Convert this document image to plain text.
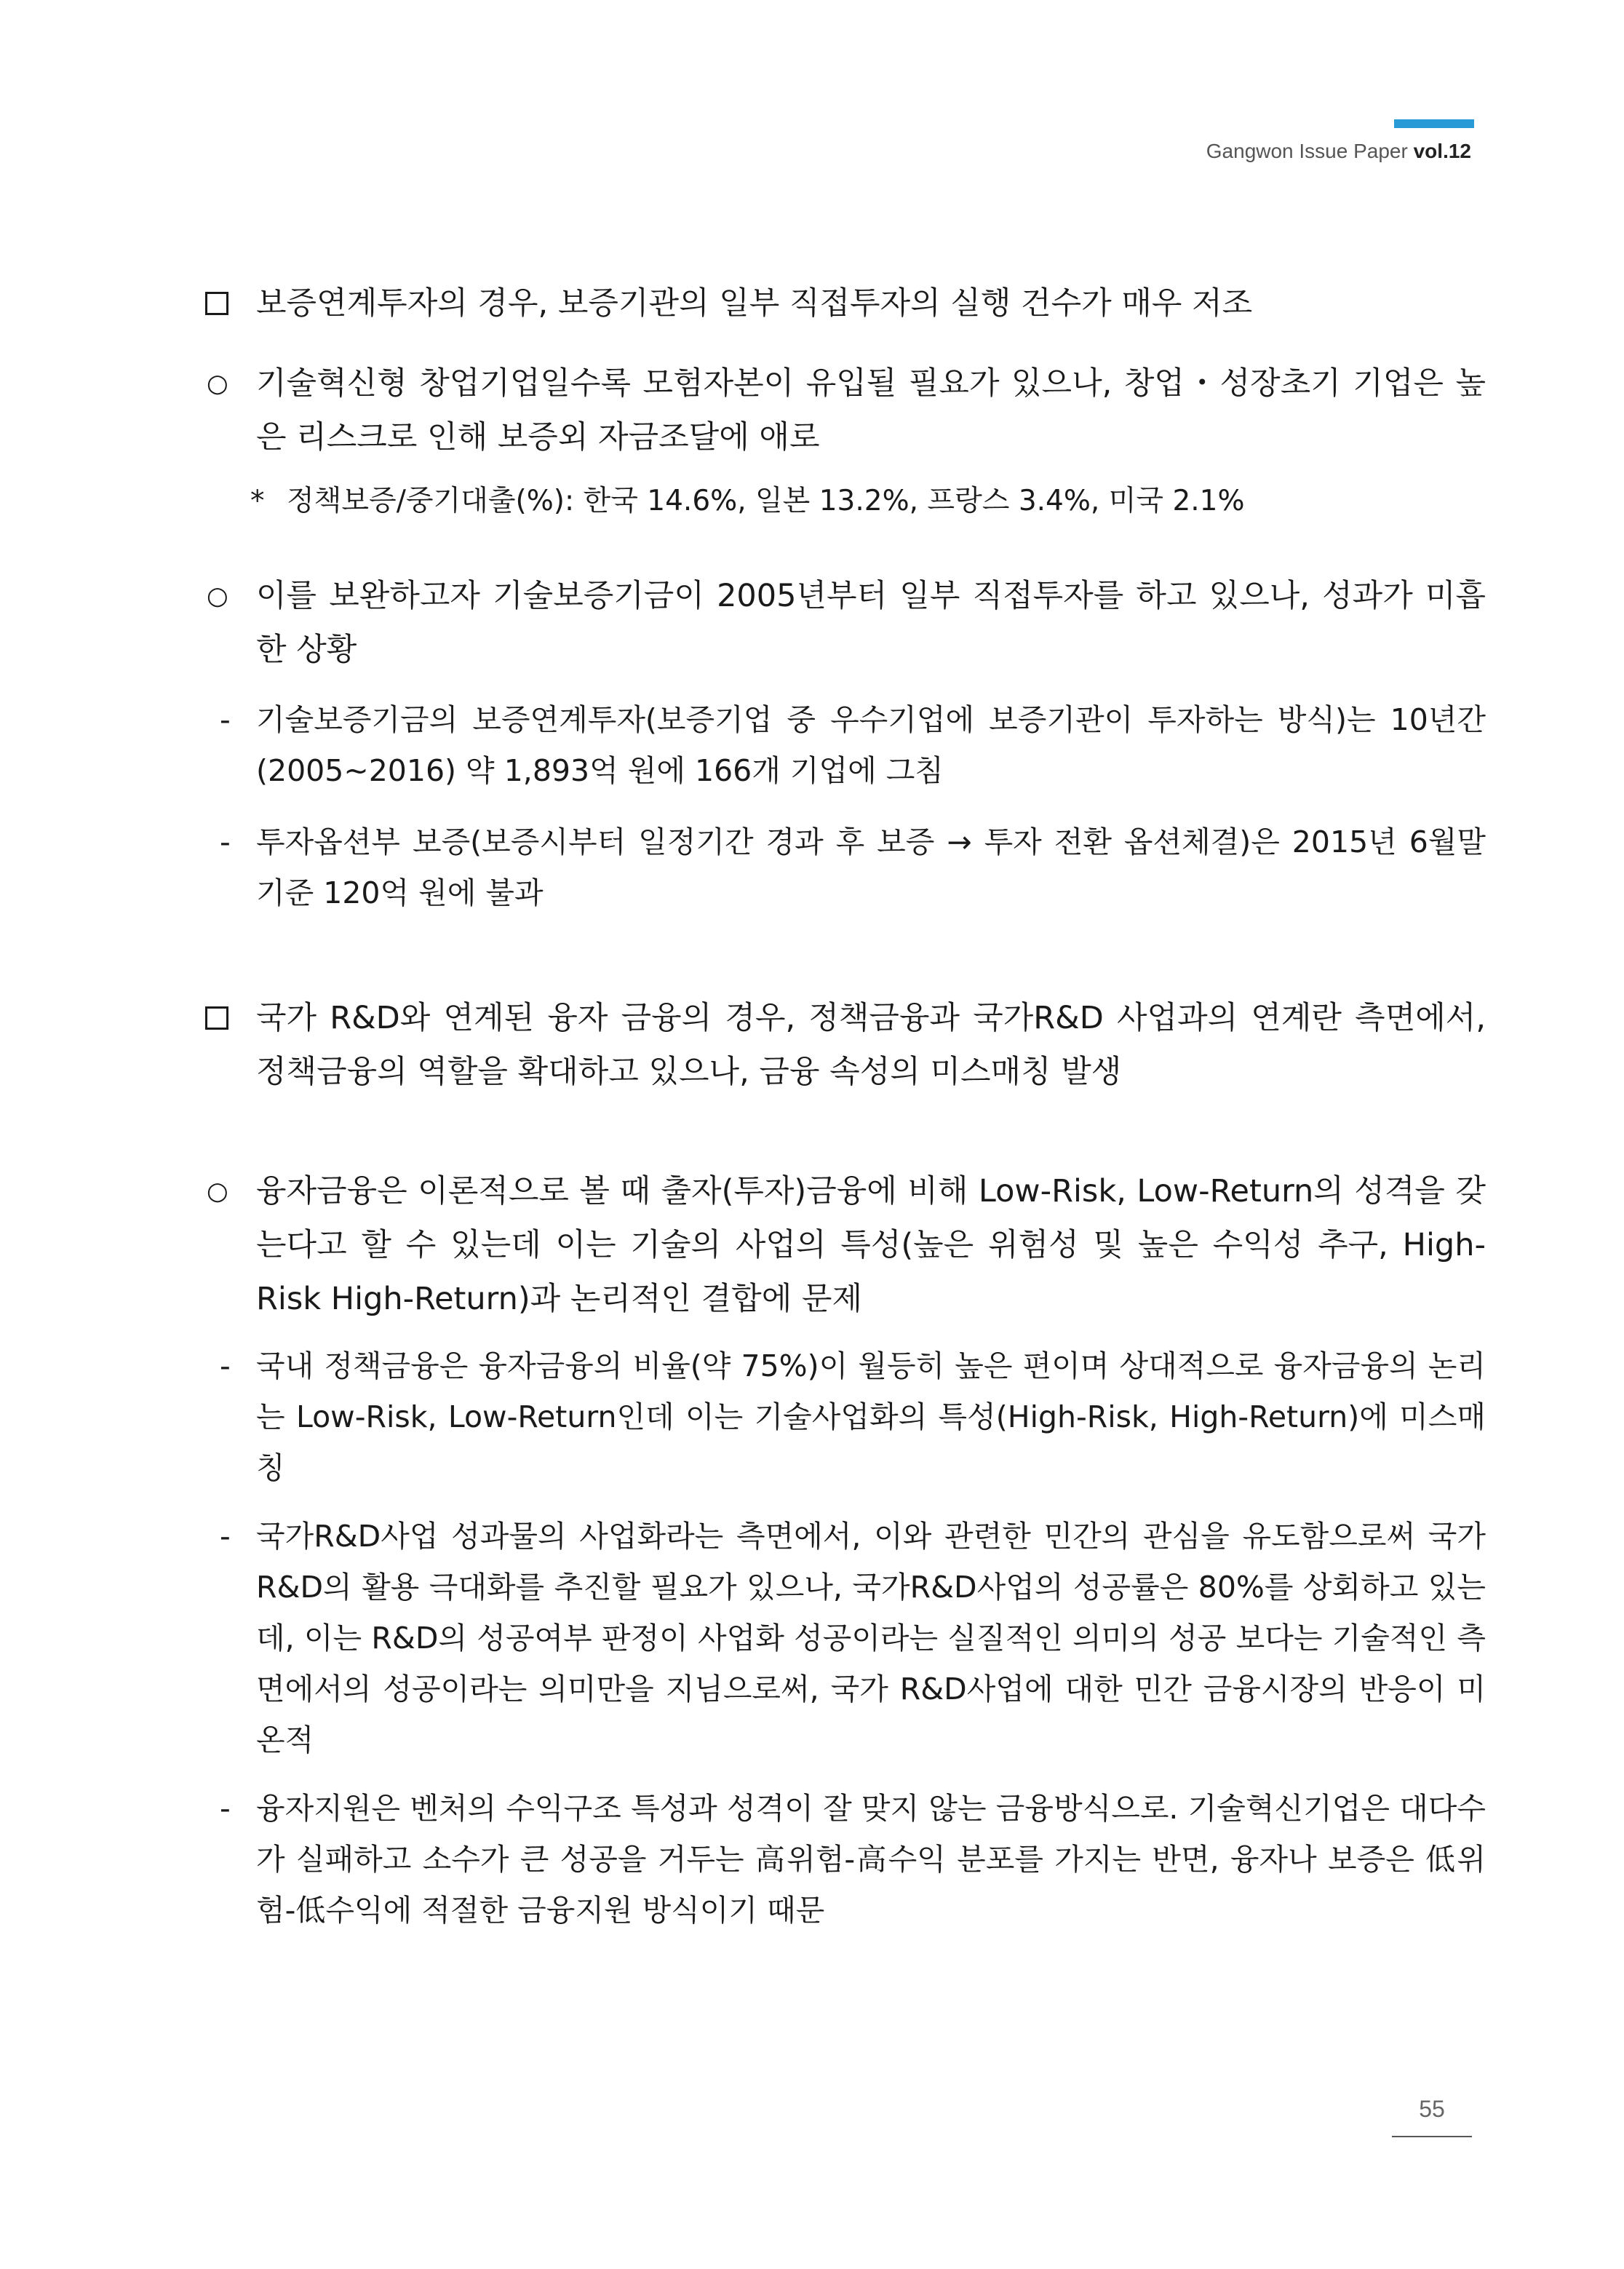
Gangwon Issue Paper vol.12
보증연계투자의 경우, 보증기관의 일부 직접투자의 실행 건수가 매우 저조
○ 기술혁신형 창업기업일수록 모험자본이 유입될 필요가 있으나, 창업・성장초기 기업은 높은 리스크로 인해 보증외 자금조달에 애로
* 정책보증/중기대출(%): 한국 14.6%, 일본 13.2%, 프랑스 3.4%, 미국 2.1%
○ 이를 보완하고자 기술보증기금이 2005년부터 일부 직접투자를 하고 있으나, 성과가 미흡한 상황
- 기술보증기금의 보증연계투자(보증기업 중 우수기업에 보증기관이 투자하는 방식)는 10년간(2005~2016) 약 1,893억 원에 166개 기업에 그침
- 투자옵션부 보증(보증시부터 일정기간 경과 후 보증 → 투자 전환 옵션체결)은 2015년 6월말 기준 120억 원에 불과
국가 R&D와 연계된 융자 금융의 경우, 정책금융과 국가R&D 사업과의 연계란 측면에서, 정책금융의 역할을 확대하고 있으나, 금융 속성의 미스매칭 발생
○ 융자금융은 이론적으로 볼 때 출자(투자)금융에 비해 Low-Risk, Low-Return의 성격을 갖는다고 할 수 있는데 이는 기술의 사업의 특성(높은 위험성 및 높은 수익성 추구, High-Risk High-Return)과 논리적인 결합에 문제
- 국내 정책금융은 융자금융의 비율(약 75%)이 월등히 높은 편이며 상대적으로 융자금융의 논리는 Low-Risk, Low-Return인데 이는 기술사업화의 특성(High-Risk, High-Return)에 미스매칭
- 국가R&D사업 성과물의 사업화라는 측면에서, 이와 관련한 민간의 관심을 유도함으로써 국가R&D의 활용 극대화를 추진할 필요가 있으나, 국가R&D사업의 성공률은 80%를 상회하고 있는데, 이는 R&D의 성공여부 판정이 사업화 성공이라는 실질적인 의미의 성공 보다는 기술적인 측면에서의 성공이라는 의미만을 지님으로써, 국가 R&D사업에 대한 민간 금융시장의 반응이 미온적
- 융자지원은 벤처의 수익구조 특성과 성격이 잘 맞지 않는 금융방식으로. 기술혁신기업은 대다수가 실패하고 소수가 큰 성공을 거두는 高위험-高수익 분포를 가지는 반면, 융자나 보증은 低위험-低수익에 적절한 금융지원 방식이기 때문
55
